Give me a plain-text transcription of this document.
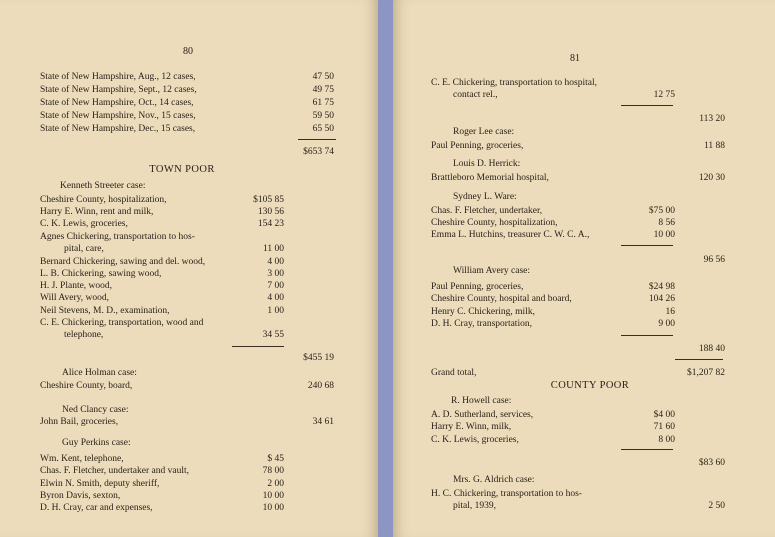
80
State of New Hampshire, Aug., 12 cases,	47 50
State of New Hampshire, Sept., 12 cases,	49 75
State of New Hampshire, Oct., 14 cases,	61 75
State of New Hampshire, Nov., 15 cases,	59 50
State of New Hampshire, Dec., 15 cases,	65 50
$653 74
TOWN POOR
Kenneth Streeter case:
Cheshire County, hospitalization,	$105 85
Harry E. Winn, rent and milk,	130 56
C. K. Lewis, groceries,	154 23
Agnes Chickering, transportation to hos-
pital, care,	11 00
Bernard Chickering, sawing and del. wood,	4 00
L. B. Chickering, sawing wood,	3 00
H. J. Plante, wood,	7 00
Will Avery, wood,	4 00
Neil Stevens, M. D., examination,	1 00
C. E. Chickering, transportation, wood and
telephone,	34 55
$455 19
Alice Holman case:
Cheshire County, board,	240 68
Ned Clancy case:
John Bail, groceries,	34 61
Guy Perkins case:
Wm. Kent, telephone,	$ 45
Chas. F. Fletcher, undertaker and vault,	78 00
Elwin N. Smith, deputy sheriff,	2 00
Byron Davis, sexton,	10 00
D. H. Cray, car and expenses,	10 00
81
C. E. Chickering, transportation to hospital,
contact rel.,	12 75
113 20
Roger Lee case:
Paul Penning, groceries,	11 88
Louis D. Herrick:
Brattleboro Memorial hospital,	120 30
Sydney L. Ware:
Chas. F. Fletcher, undertaker,	$75 00
Cheshire County, hospitalization,	8 56
Emma L. Hutchins, treasurer C. W. C. A.,	10 00
96 56
William Avery case:
Paul Penning, groceries,	$24 98
Cheshire County, hospital and board,	104 26
Henry C. Chickering, milk,	16
D. H. Cray, transportation,	9 00
188 40
Grand total,	$1,207 82
COUNTY POOR
R. Howell case:
A. D. Sutherland, services,	$4 00
Harry E. Winn, milk,	71 60
C. K. Lewis, groceries,	8 00
$83 60
Mrs. G. Aldrich case:
H. C. Chickering, transportation to hos-
pital, 1939,	2 50
